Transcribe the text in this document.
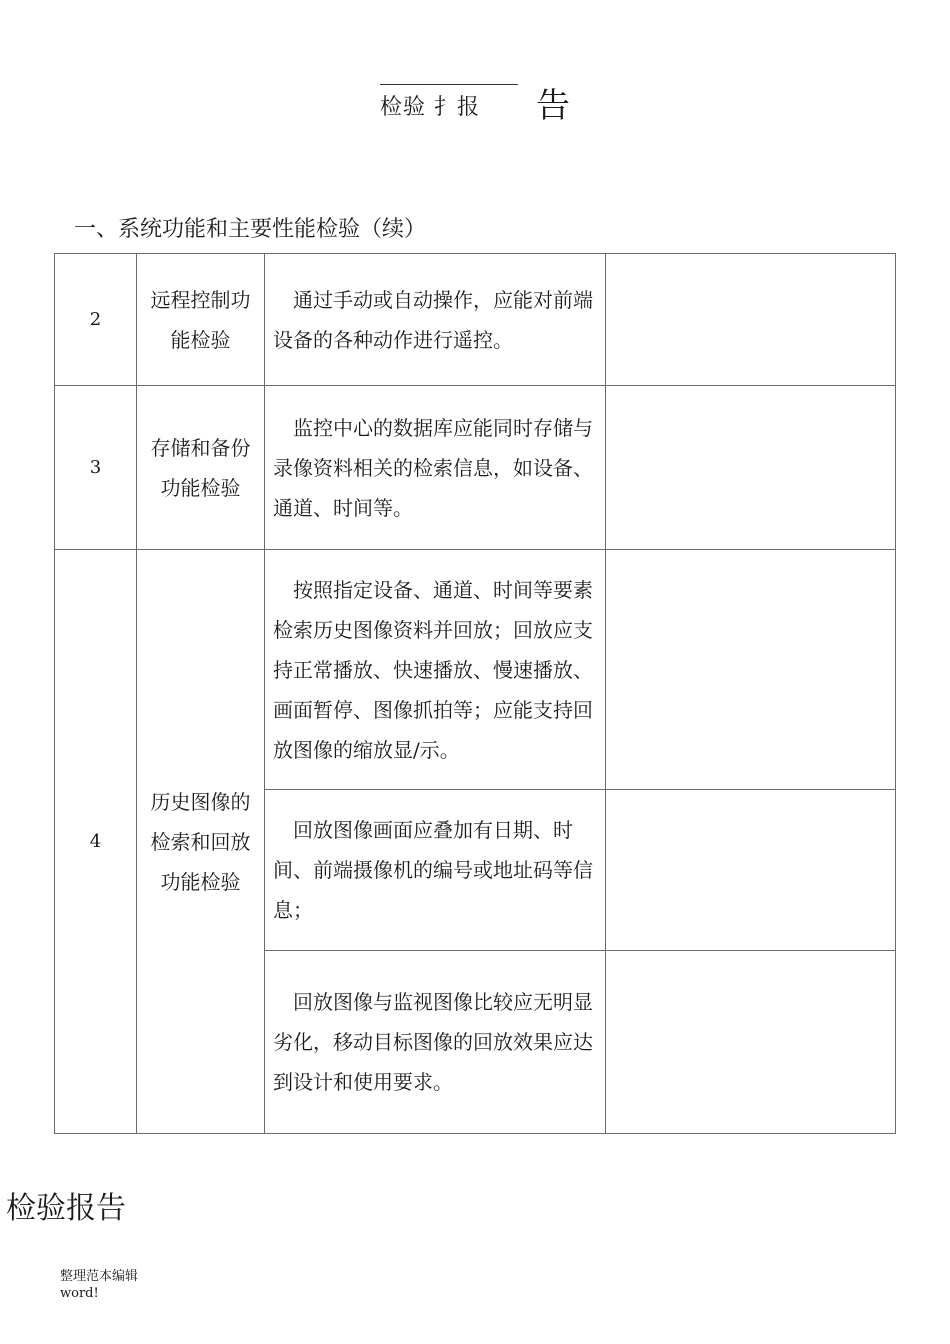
检验 扌报 告
一、系统功能和主要性能检验（续）
2	远程控制功能检验	　通过手动或自动操作，应能对前端设备的各种动作进行遥控。	
3	存储和备份功能检验	　监控中心的数据库应能同时存储与录像资料相关的检索信息，如设备、通道、时间等。	
4	历史图像的检索和回放功能检验	　按照指定设备、通道、时间等要素检索历史图像资料并回放；回放应支持正常播放、快速播放、慢速播放、画面暂停、图像抓拍等；应能支持回放图像的缩放显/示。	
		　回放图像画面应叠加有日期、时间、前端摄像机的编号或地址码等信息；	
		　回放图像与监视图像比较应无明显劣化，移动目标图像的回放效果应达到设计和使用要求。	
检验报告
整理范本编辑
word!
